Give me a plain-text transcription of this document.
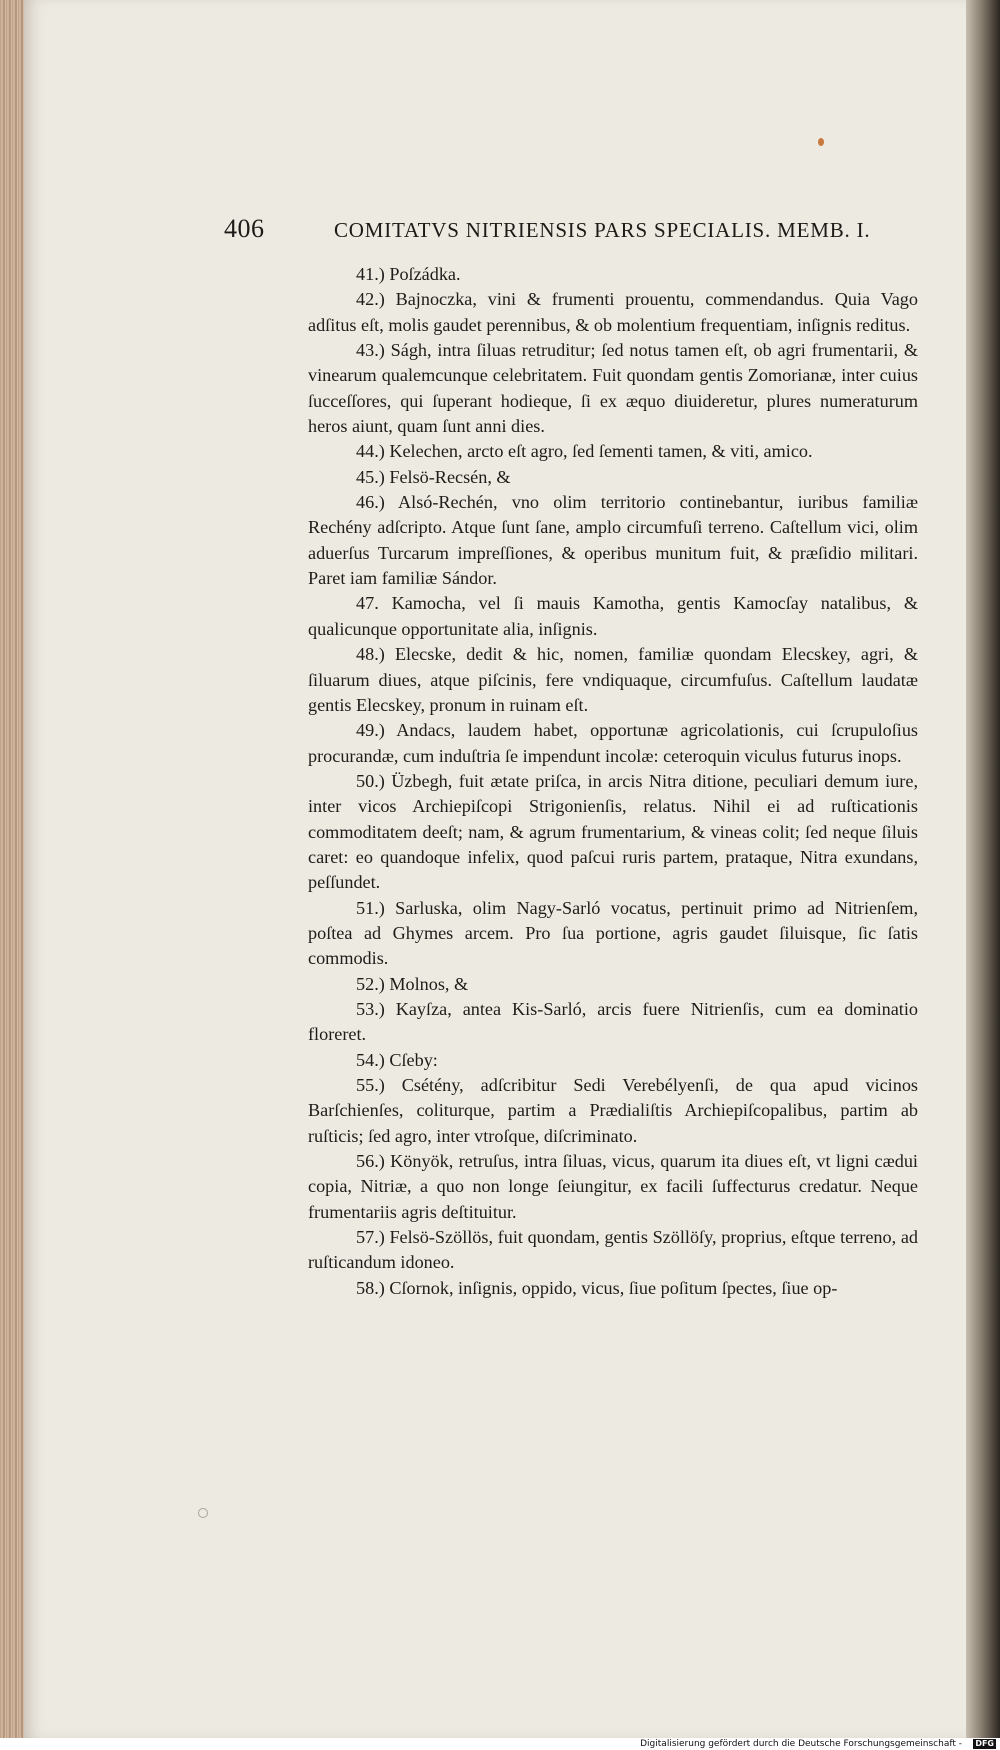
406	COMITATVS NITRIENSIS PARS SPECIALIS. MEMB. I.

41.) Poſzádka.

42.) Bajnoczka, vini & frumenti prouentu, commendandus. Quia Vago adſitus eſt, molis gaudet perennibus, & ob molentium frequentiam, inſignis reditus.

43.) Ságh, intra ſiluas retruditur; ſed notus tamen eſt, ob agri frumentarii, & vinearum qualemcunque celebritatem. Fuit quondam gentis Zomorianæ, inter cuius ſucceſſores, qui ſuperant hodieque, ſi ex æquo diuideretur, plures numeraturum heros aiunt, quam ſunt anni dies.

44.) Kelechen, arcto eſt agro, ſed ſementi tamen, & viti, amico.

45.) Felsö-Recsén, &

46.) Alsó-Rechén, vno olim territorio continebantur, iuribus familiæ Rechény adſcripto. Atque ſunt ſane, amplo circumfuſi terreno. Caſtellum vici, olim aduerſus Turcarum impreſſiones, & operibus munitum fuit, & præſidio militari. Paret iam familiæ Sándor.

47. Kamocha, vel ſi mauis Kamotha, gentis Kamocſay natalibus, & qualicunque opportunitate alia, inſignis.

48.) Elecske, dedit & hic, nomen, familiæ quondam Elecskey, agri, & ſiluarum diues, atque piſcinis, fere vndiquaque, circumfuſus. Caſtellum laudatæ gentis Elecskey, pronum in ruinam eſt.

49.) Andacs, laudem habet, opportunæ agricolationis, cui ſcrupuloſius procurandæ, cum induſtria ſe impendunt incolæ: ceteroquin viculus futurus inops.

50.) Üzbegh, fuit ætate priſca, in arcis Nitra ditione, peculiari demum iure, inter vicos Archiepiſcopi Strigonienſis, relatus. Nihil ei ad ruſticationis commoditatem deeſt; nam, & agrum frumentarium, & vineas colit; ſed neque ſiluis caret: eo quandoque infelix, quod paſcui ruris partem, prataque, Nitra exundans, peſſundet.

51.) Sarluska, olim Nagy-Sarló vocatus, pertinuit primo ad Nitrienſem, poſtea ad Ghymes arcem. Pro ſua portione, agris gaudet ſiluisque, ſic ſatis commodis.

52.) Molnos, &

53.) Kayſza, antea Kis-Sarló, arcis fuere Nitrienſis, cum ea dominatio floreret.

54.) Cſeby:

55.) Csétény, adſcribitur Sedi Verebélyenſi, de qua apud vicinos Barſchienſes, coliturque, partim a Prædialiſtis Archiepiſcopalibus, partim ab ruſticis; ſed agro, inter vtroſque, diſcriminato.

56.) Könyök, retruſus, intra ſiluas, vicus, quarum ita diues eſt, vt ligni cædui copia, Nitriæ, a quo non longe ſeiungitur, ex facili ſuffecturus credatur. Neque frumentariis agris deſtituitur.

57.) Felsö-Szöllös, fuit quondam, gentis Szöllöſy, proprius, eſtque terreno, ad ruſticandum idoneo.

58.) Cſornok, inſignis, oppido, vicus, ſiue poſitum ſpectes, ſiue op-

Digitalisierung gefördert durch die Deutsche Forschungsgemeinschaft - DFG
